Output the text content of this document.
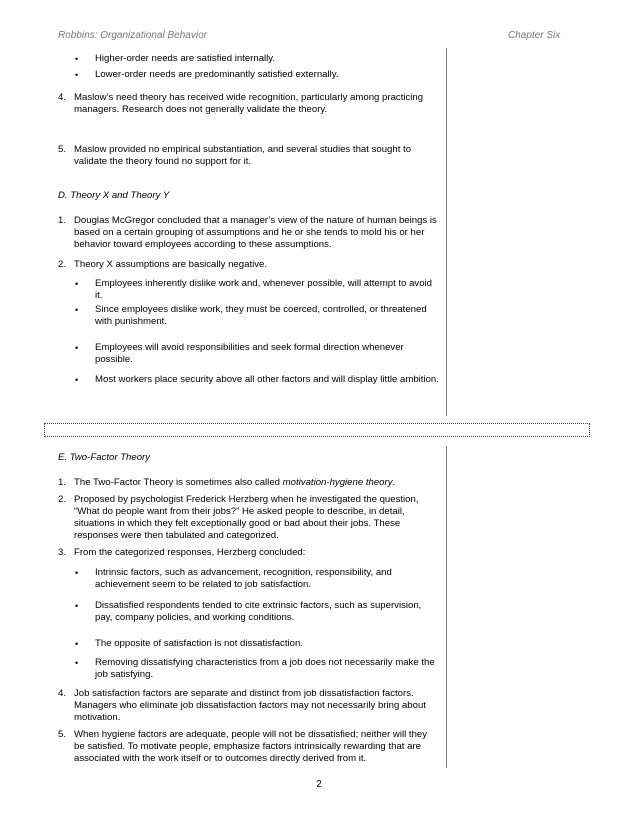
Robbins: Organizational Behavior	Chapter Six
• Higher-order needs are satisfied internally.
• Lower-order needs are predominantly satisfied externally.
4. Maslow’s need theory has received wide recognition, particularly among practicing managers. Research does not generally validate the theory.
5. Maslow provided no empirical substantiation, and several studies that sought to validate the theory found no support for it.
D. Theory X and Theory Y
1. Douglas McGregor concluded that a manager’s view of the nature of human beings is based on a certain grouping of assumptions and he or she tends to mold his or her behavior toward employees according to these assumptions.
2. Theory X assumptions are basically negative.
• Employees inherently dislike work and, whenever possible, will attempt to avoid it.
• Since employees dislike work, they must be coerced, controlled, or threatened with punishment.
• Employees will avoid responsibilities and seek formal direction whenever possible.
• Most workers place security above all other factors and will display little ambition.
E. Two-Factor Theory
1. The Two-Factor Theory is sometimes also called motivation-hygiene theory.
2. Proposed by psychologist Frederick Herzberg when he investigated the question, “What do people want from their jobs?” He asked people to describe, in detail, situations in which they felt exceptionally good or bad about their jobs. These responses were then tabulated and categorized.
3. From the categorized responses, Herzberg concluded:
• Intrinsic factors, such as advancement, recognition, responsibility, and achievement seem to be related to job satisfaction.
• Dissatisfied respondents tended to cite extrinsic factors, such as supervision, pay, company policies, and working conditions.
• The opposite of satisfaction is not dissatisfaction.
• Removing dissatisfying characteristics from a job does not necessarily make the job satisfying.
4. Job satisfaction factors are separate and distinct from job dissatisfaction factors. Managers who eliminate job dissatisfaction factors may not necessarily bring about motivation.
5. When hygiene factors are adequate, people will not be dissatisfied; neither will they be satisfied. To motivate people, emphasize factors intrinsically rewarding that are associated with the work itself or to outcomes directly derived from it.
2
